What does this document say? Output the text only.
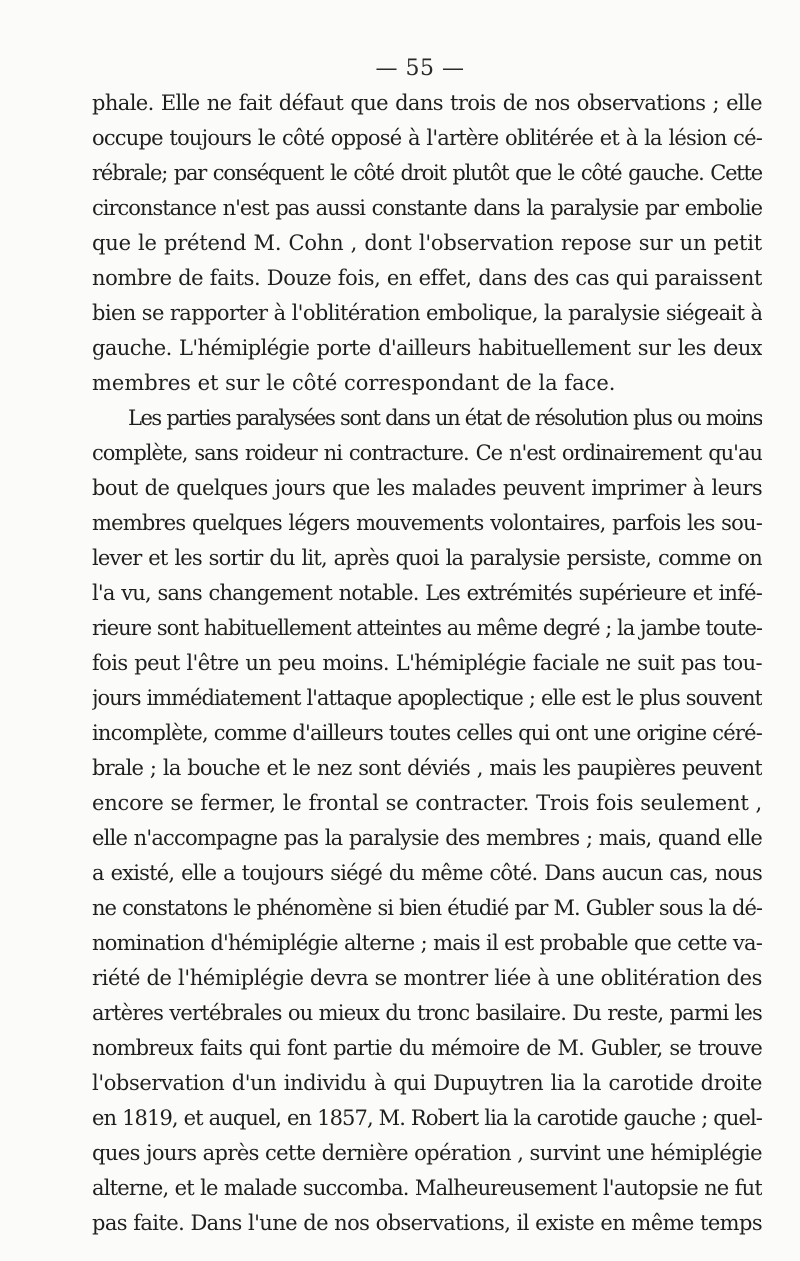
— 55 —
phale. Elle ne fait défaut que dans trois de nos observations ; elle
occupe toujours le côté opposé à l'artère oblitérée et à la lésion cé-
rébrale; par conséquent le côté droit plutôt que le côté gauche. Cette
circonstance n'est pas aussi constante dans la paralysie par embolie
que le prétend M. Cohn , dont l'observation repose sur un petit
nombre de faits. Douze fois, en effet, dans des cas qui paraissent
bien se rapporter à l'oblitération embolique, la paralysie siégeait à
gauche. L'hémiplégie porte d'ailleurs habituellement sur les deux
membres et sur le côté correspondant de la face.
Les parties paralysées sont dans un état de résolution plus ou moins
complète, sans roideur ni contracture. Ce n'est ordinairement qu'au
bout de quelques jours que les malades peuvent imprimer à leurs
membres quelques légers mouvements volontaires, parfois les sou-
lever et les sortir du lit, après quoi la paralysie persiste, comme on
l'a vu, sans changement notable. Les extrémités supérieure et infé-
rieure sont habituellement atteintes au même degré ; la jambe toute-
fois peut l'être un peu moins. L'hémiplégie faciale ne suit pas tou-
jours immédiatement l'attaque apoplectique ; elle est le plus souvent
incomplète, comme d'ailleurs toutes celles qui ont une origine céré-
brale ; la bouche et le nez sont déviés , mais les paupières peuvent
encore se fermer, le frontal se contracter. Trois fois seulement ,
elle n'accompagne pas la paralysie des membres ; mais, quand elle
a existé, elle a toujours siégé du même côté. Dans aucun cas, nous
ne constatons le phénomène si bien étudié par M. Gubler sous la dé-
nomination d'hémiplégie alterne ; mais il est probable que cette va-
riété de l'hémiplégie devra se montrer liée à une oblitération des
artères vertébrales ou mieux du tronc basilaire. Du reste, parmi les
nombreux faits qui font partie du mémoire de M. Gubler, se trouve
l'observation d'un individu à qui Dupuytren lia la carotide droite
en 1819, et auquel, en 1857, M. Robert lia la carotide gauche ; quel-
ques jours après cette dernière opération , survint une hémiplégie
alterne, et le malade succomba. Malheureusement l'autopsie ne fut
pas faite. Dans l'une de nos observations, il existe en même temps
